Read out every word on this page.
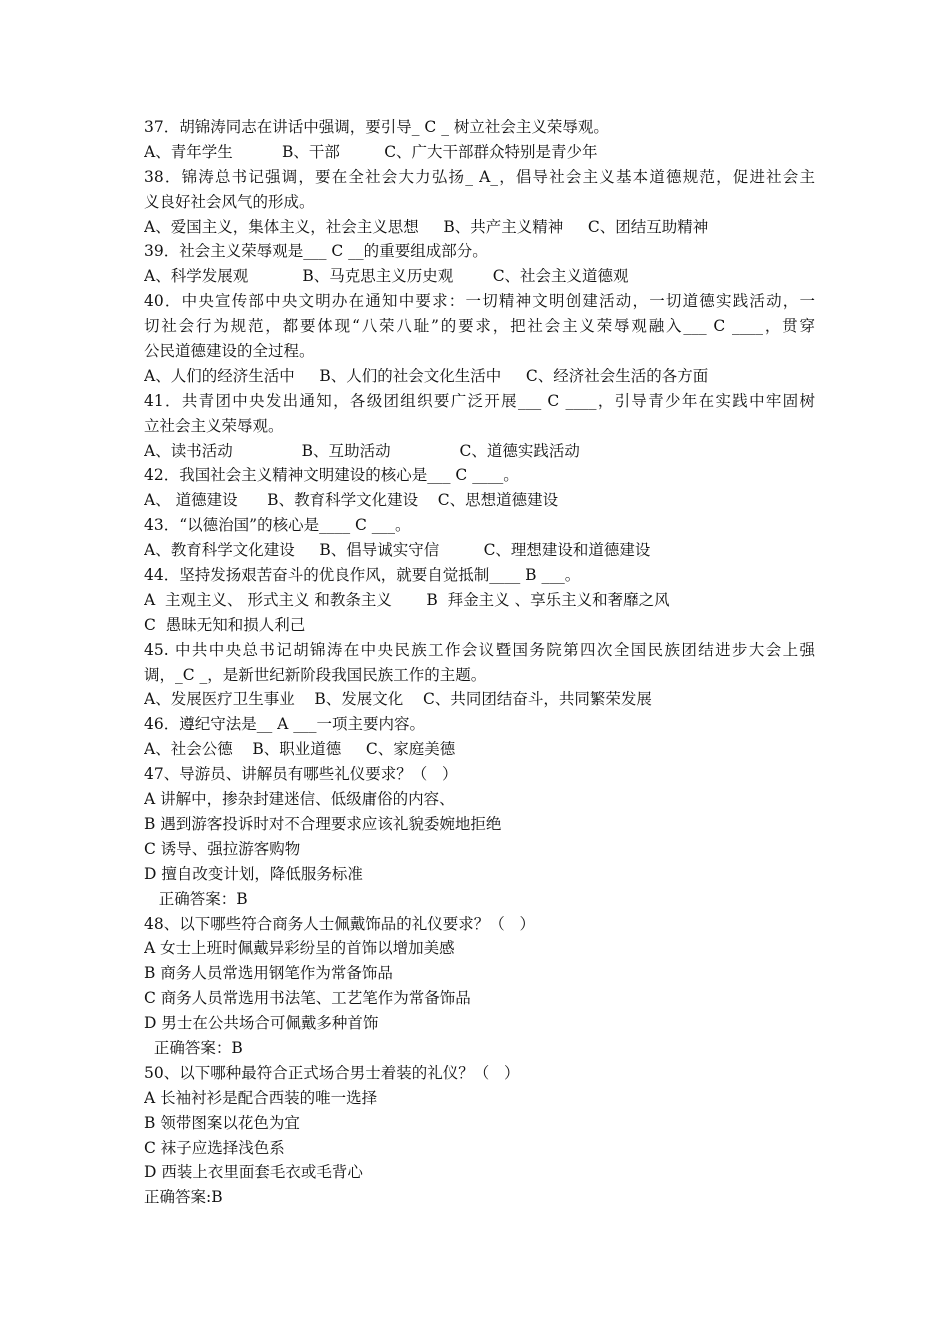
37．胡锦涛同志在讲话中强调，要引导_ C _ 树立社会主义荣辱观。
A、青年学生          B、干部         C、广大干部群众特别是青少年
38．锦涛总书记强调，要在全社会大力弘扬_ A_，倡导社会主义基本道德规范，促进社会主
义良好社会风气的形成。
A、爱国主义，集体主义，社会主义思想     B、共产主义精神     C、团结互助精神
39．社会主义荣辱观是___ C __的重要组成部分。
A、科学发展观           B、马克思主义历史观        C、社会主义道德观
40．中央宣传部中央文明办在通知中要求：一切精神文明创建活动，一切道德实践活动，一
切社会行为规范，都要体现“八荣八耻”的要求，把社会主义荣辱观融入___ C ____，贯穿
公民道德建设的全过程。
A、人们的经济生活中     B、人们的社会文化生活中     C、经济社会生活的各方面
41．共青团中央发出通知，各级团组织要广泛开展___ C ____，引导青少年在实践中牢固树
立社会主义荣辱观。
A、读书活动              B、互助活动              C、道德实践活动
42．我国社会主义精神文明建设的核心是___ C ____。
A、 道德建设      B、教育科学文化建设    C、思想道德建设
43．“以德治国”的核心是____ C ___。
A、教育科学文化建设     B、倡导诚实守信         C、理想建设和道德建设
44．坚持发扬艰苦奋斗的优良作风，就要自觉抵制____ B ___。
A  主观主义、 形式主义 和教条主义       B  拜金主义 、享乐主义和奢靡之风
C  愚昧无知和损人利己
45. 中共中央总书记胡锦涛在中央民族工作会议暨国务院第四次全国民族团结进步大会上强
调，_C _，是新世纪新阶段我国民族工作的主题。
A、发展医疗卫生事业    B、发展文化    C、共同团结奋斗，共同繁荣发展
46．遵纪守法是__ A ___一项主要内容。
A、社会公德    B、职业道德     C、家庭美德
47、导游员、讲解员有哪些礼仪要求？（   ）
A 讲解中，掺杂封建迷信、低级庸俗的内容、
B 遇到游客投诉时对不合理要求应该礼貌委婉地拒绝
C 诱导、强拉游客购物
D 擅自改变计划，降低服务标准
正确答案：B
48、以下哪些符合商务人士佩戴饰品的礼仪要求？（   ）
A 女士上班时佩戴异彩纷呈的首饰以增加美感
B 商务人员常选用钢笔作为常备饰品
C 商务人员常选用书法笔、工艺笔作为常备饰品
D 男士在公共场合可佩戴多种首饰
正确答案：B
50、以下哪种最符合正式场合男士着装的礼仪？（   ）
A 长袖衬衫是配合西装的唯一选择
B 领带图案以花色为宜
C 袜子应选择浅色系
D 西装上衣里面套毛衣或毛背心
正确答案:B
